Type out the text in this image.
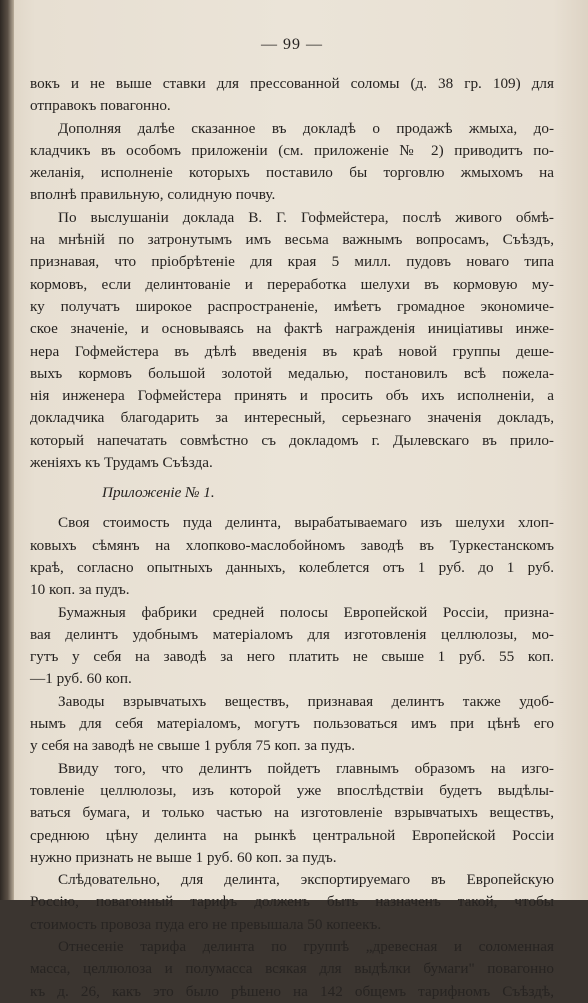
— 99 —
вокъ и не выше ставки для прессованной соломы (д. 38 гр. 109) для
отправокъ повагонно.
Дополняя далѣе сказанное въ докладѣ о продажѣ жмыха, до-
кладчикъ въ особомъ приложеніи (см. приложеніе № 2) приводитъ по-
желанія, исполненіе которыхъ поставило бы торговлю жмыхомъ на
вполнѣ правильную, солидную почву.
По выслушаніи доклада В. Г. Гофмейстера, послѣ живого обмѣ-
на мнѣній по затронутымъ имъ весьма важнымъ вопросамъ, Съѣздъ,
признавая, что пріобрѣтеніе для края 5 милл. пудовъ новаго типа
кормовъ, если делинтованіе и переработка шелухи въ кормовую му-
ку получатъ широкое распространеніе, имѣетъ громадное экономиче-
ское значеніе, и основываясь на фактѣ награжденія иниціативы инже-
нера Гофмейстера въ дѣлѣ введенія въ краѣ новой группы деше-
выхъ кормовъ большой золотой медалью, постановилъ всѣ пожела-
нія инженера Гофмейстера принять и просить объ ихъ исполненіи, а
докладчика благодарить за интересный, серьезнаго значенія докладъ,
который напечатать совмѣстно съ докладомъ г. Дылевскаго въ прило-
женіяхъ къ Трудамъ Съѣзда.
Приложеніе № 1.
Своя стоимость пуда делинта, вырабатываемаго изъ шелухи хлоп-
ковыхъ сѣмянъ на хлопково-маслобойномъ заводѣ въ Туркестанскомъ
краѣ, согласно опытныхъ данныхъ, колеблется отъ 1 руб. до 1 руб.
10 коп. за пудъ.
Бумажныя фабрики средней полосы Европейской Россіи, призна-
вая делинтъ удобнымъ матеріаломъ для изготовленія целлюлозы, мо-
гутъ у себя на заводѣ за него платить не свыше 1 руб. 55 коп.
—1 руб. 60 коп.
Заводы взрывчатыхъ веществъ, признавая делинтъ также удоб-
нымъ для себя матеріаломъ, могутъ пользоваться имъ при цѣнѣ его
у себя на заводѣ не свыше 1 рубля 75 коп. за пудъ.
Ввиду того, что делинтъ пойдетъ главнымъ образомъ на изго-
товленіе целлюлозы, изъ которой уже впослѣдствіи будетъ выдѣлы-
ваться бумага, и только частью на изготовленіе взрывчатыхъ веществъ,
среднюю цѣну делинта на рынкѣ центральной Европейской Россіи
нужно признать не выше 1 руб. 60 коп. за пудъ.
Слѣдовательно, для делинта, экспортируемаго въ Европейскую
Россію, повагонный тарифъ долженъ быть назначенъ такой, чтобы
стоимость провоза пуда его не превышала 50 копеекъ.
Отнесеніе тарифа делинта по группѣ „древесная и соломенная
масса, целлюлоза и полумасса всякая для выдѣлки бумаги" повагонно
къ д. 26, какъ это было рѣшено на 142 общемъ тарифномъ Съѣздѣ,
